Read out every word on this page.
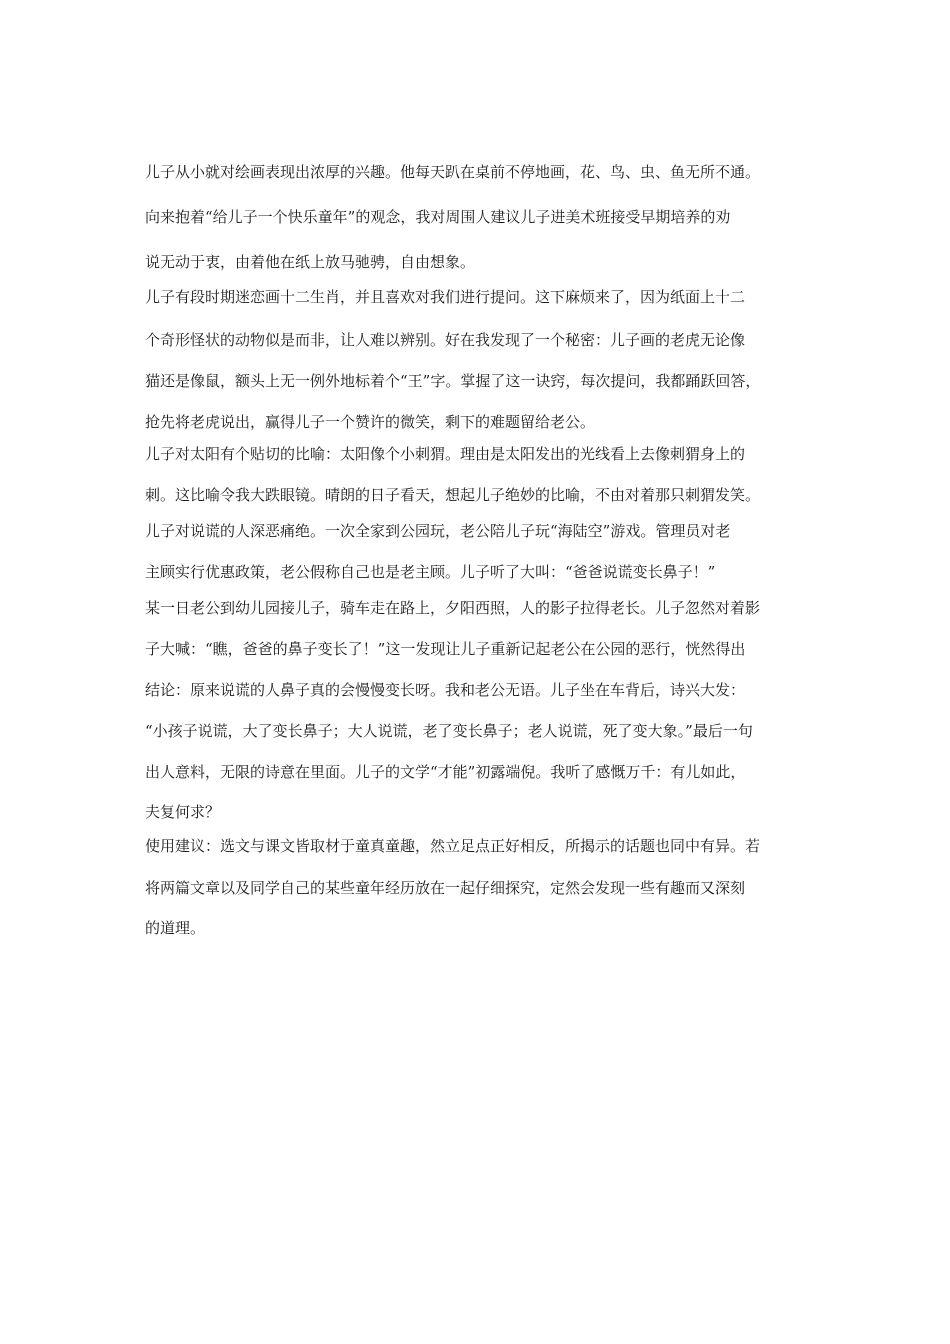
儿子从小就对绘画表现出浓厚的兴趣。他每天趴在桌前不停地画，花、鸟、虫、鱼无所不通。

向来抱着“给儿子一个快乐童年”的观念，我对周围人建议儿子进美术班接受早期培养的劝

说无动于衷，由着他在纸上放马驰骋，自由想象。

儿子有段时期迷恋画十二生肖，并且喜欢对我们进行提问。这下麻烦来了，因为纸面上十二

个奇形怪状的动物似是而非，让人难以辨别。好在我发现了一个秘密：儿子画的老虎无论像

猫还是像鼠，额头上无一例外地标着个“王”字。掌握了这一诀窍，每次提问，我都踊跃回答，

抢先将老虎说出，赢得儿子一个赞许的微笑，剩下的难题留给老公。

儿子对太阳有个贴切的比喻：太阳像个小刺猬。理由是太阳发出的光线看上去像刺猬身上的

刺。这比喻令我大跌眼镜。晴朗的日子看天，想起儿子绝妙的比喻，不由对着那只刺猬发笑。

儿子对说谎的人深恶痛绝。一次全家到公园玩，老公陪儿子玩“海陆空”游戏。管理员对老

主顾实行优惠政策，老公假称自己也是老主顾。儿子听了大叫：“爸爸说谎变长鼻子！”

某一日老公到幼儿园接儿子，骑车走在路上，夕阳西照，人的影子拉得老长。儿子忽然对着影

子大喊：“瞧，爸爸的鼻子变长了！”这一发现让儿子重新记起老公在公园的恶行，恍然得出

结论：原来说谎的人鼻子真的会慢慢变长呀。我和老公无语。儿子坐在车背后，诗兴大发：

“小孩子说谎，大了变长鼻子；大人说谎，老了变长鼻子；老人说谎，死了变大象。”最后一句

出人意料，无限的诗意在里面。儿子的文学“才能”初露端倪。我听了感慨万千：有儿如此，

夫复何求？

使用建议：选文与课文皆取材于童真童趣，然立足点正好相反，所揭示的话题也同中有异。若

将两篇文章以及同学自己的某些童年经历放在一起仔细探究，定然会发现一些有趣而又深刻

的道理。
